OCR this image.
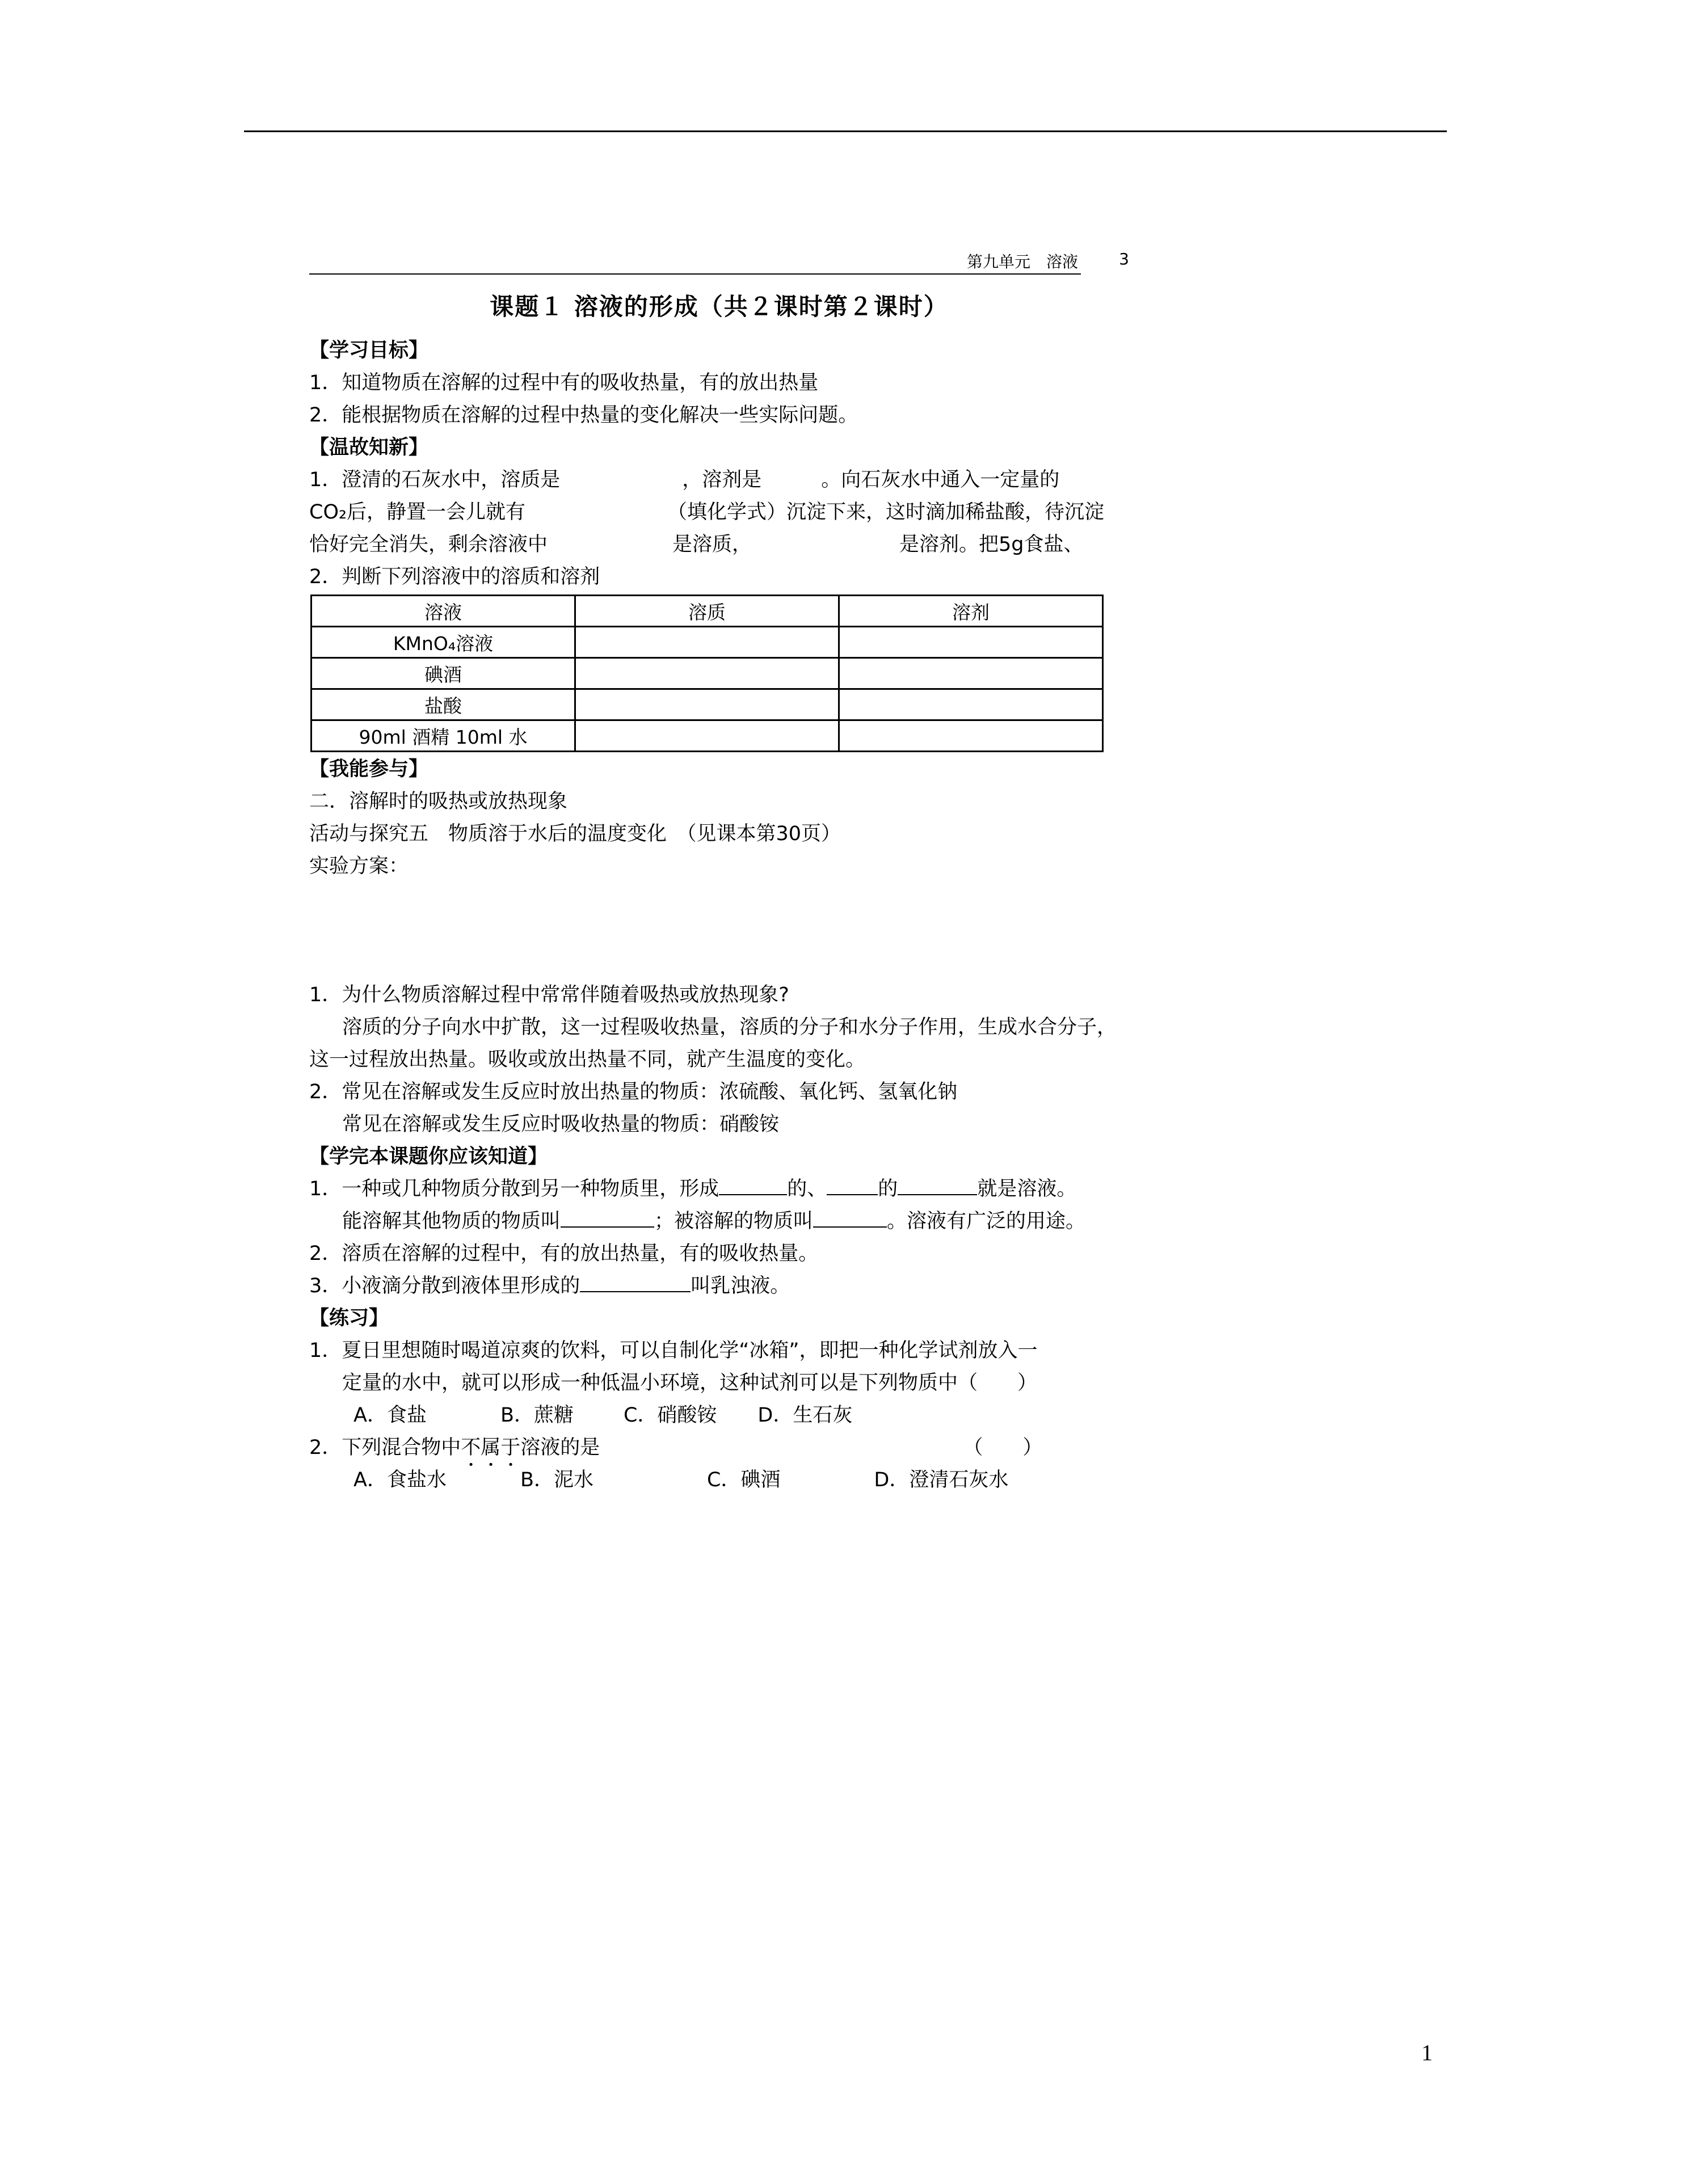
第九单元　溶液	3
课题１ 溶液的形成（共２课时第２课时）
【学习目标】
1．知道物质在溶解的过程中有的吸收热量，有的放出热量
2．能根据物质在溶解的过程中热量的变化解决一些实际问题。
【温故知新】
1．澄清的石灰水中，溶质是	，溶剂是	。向石灰水中通入一定量的
CO₂后，静置一会儿就有	（填化学式）沉淀下来，这时滴加稀盐酸，待沉淀
恰好完全消失，剩余溶液中	是溶质，	是溶剂。把5g食盐、
2．判断下列溶液中的溶质和溶剂
溶液	溶质	溶剂
KMnO₄溶液		
碘酒		
盐酸		
90ml 酒精 10ml 水		
【我能参与】
二．溶解时的吸热或放热现象
活动与探究五　物质溶于水后的温度变化　（见课本第30页）
实验方案：
1．为什么物质溶解过程中常常伴随着吸热或放热现象?
溶质的分子向水中扩散，这一过程吸收热量，溶质的分子和水分子作用，生成水合分子，
这一过程放出热量。吸收或放出热量不同，就产生温度的变化。
2．常见在溶解或发生反应时放出热量的物质：浓硫酸、氧化钙、氢氧化钠
常见在溶解或发生反应时吸收热量的物质：硝酸铵
【学完本课题你应该知道】
1．一种或几种物质分散到另一种物质里，形成	的、	的	就是溶液。
能溶解其他物质的物质叫	；被溶解的物质叫	。溶液有广泛的用途。
2．溶质在溶解的过程中，有的放出热量，有的吸收热量。
3．小液滴分散到液体里形成的	叫乳浊液。
【练习】
1．夏日里想随时喝道凉爽的饮料，可以自制化学“冰箱”，即把一种化学试剂放入一
定量的水中，就可以形成一种低温小环境，这种试剂可以是下列物质中（　　）
A．食盐	B．蔗糖	C．硝酸铵 D．生石灰
2．下列混合物中不属于溶液的是	（　　）
A．食盐水	B．泥水	C．碘酒	D．澄清石灰水
1
